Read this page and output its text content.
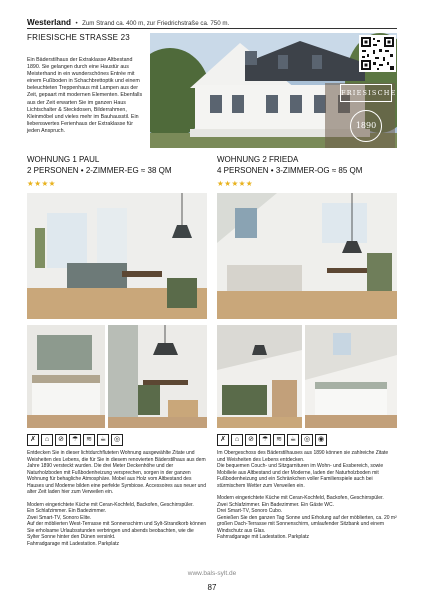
Westerland • Zum Strand ca. 400 m, zur Friedrichstraße ca. 750 m.
FRIESISCHE STRASSE 23
Ein Bäderstilhaus der Extraklasse Altbestand 1890. Sie gelangen durch eine Haustür aus Meisterhand in ein wunderschönes Entrée mit einem Fußboden in Schachbrettoptik und einem beleuchteten Treppenhaus mit Lampen aus der Zeit, gepaart mit modernen Elementen. Ebenfalls aus der Zeit erwarten Sie im ganzen Haus Lichtschalter & Steckdosen, Bilderrahmen, Kleinmöbel und vieles mehr im Bauhausstil. Ein liebenswertes Ferienhaus der Extraklasse für jeden Anspruch.
FRIESISCHE23
1890
WOHNUNG 1 PAUL
2 PERSONEN • 2-ZIMMER-EG ≈ 38 QM
★★★★
✗	⌂	⊘	☂	≋	☕	◎

Entdecken Sie in dieser lichtdurchfluteten Wohnung ausgewählte Zitate und Weisheiten des Lebens, die für Sie in diesem renovierten Bäderstilhaus aus dem Jahre 1890 versteckt wurden. Die drei Meter Deckenhöhe und der Naturholzboden mit Fußbodenheizung versprechen, sorgen in der ganzen Wohnung für behagliche Atmosphäre. Mobel aus Holz vom Altbestand des Hauses und Moderne bilden eine perfekte Symbiose. Accessoires aus neuer und alter Zeit laden hier zum Verweilen ein.

Modern eingerichtete Küche mit Ceran-Kochfeld, Backofen, Geschirrspüler.
Ein Schlafzimmer. Ein Badezimmer.
Zwei Smart-TV, Sonoro Elite.
Auf der möblierten West-Terrasse mit Sonnenschirm und Sylt-Strandkorb können Sie erholsame Urlaubsstunden verbringen und abends beobachten, wie die Sylter Sonne hinter den Dünen versinkt.
Fahrradgarage mit Ladestation. Parkplatz
WOHNUNG 2 FRIEDA
4 PERSONEN • 3-ZIMMER-OG ≈ 85 QM
★★★★★
✗	⌂	⊘	☂	≋	☕	◎	◉
Im Obergeschoss des Bäderstilhauses aus 1890 können sie zahlreiche Zitate und Weisheiten des Lebens entdecken.

Die bequemen Couch- und Sitzgarnituren im Wohn- und Essbereich, sowie Mobiliele aus Altbestand und der Moderne, laden der Naturholzboden mit Fußbodenheizung und ein Schränkchen voller Familienspiele auch bei stürmischem Wetter zum Verweilen ein.

Modern eingerichtete Küche mit Ceran-Kochfeld, Backofen, Geschirrspüler.
Zwei Schlafzimmer. Ein Badezimmer. Ein Gäste WC.
Drei Smart-TV, Sonoro Cubo.
Genießen Sie den ganzen Tag Sonne und Erholung auf der möblierten, ca. 20 m² großen Dach-Terrasse mit Sonnenschirm, umlaufender Sitzbank und einem Windschutz aus Glas.
Fahrradgarage mit Ladestation. Parkplatz
www.bals-sylt.de
87
